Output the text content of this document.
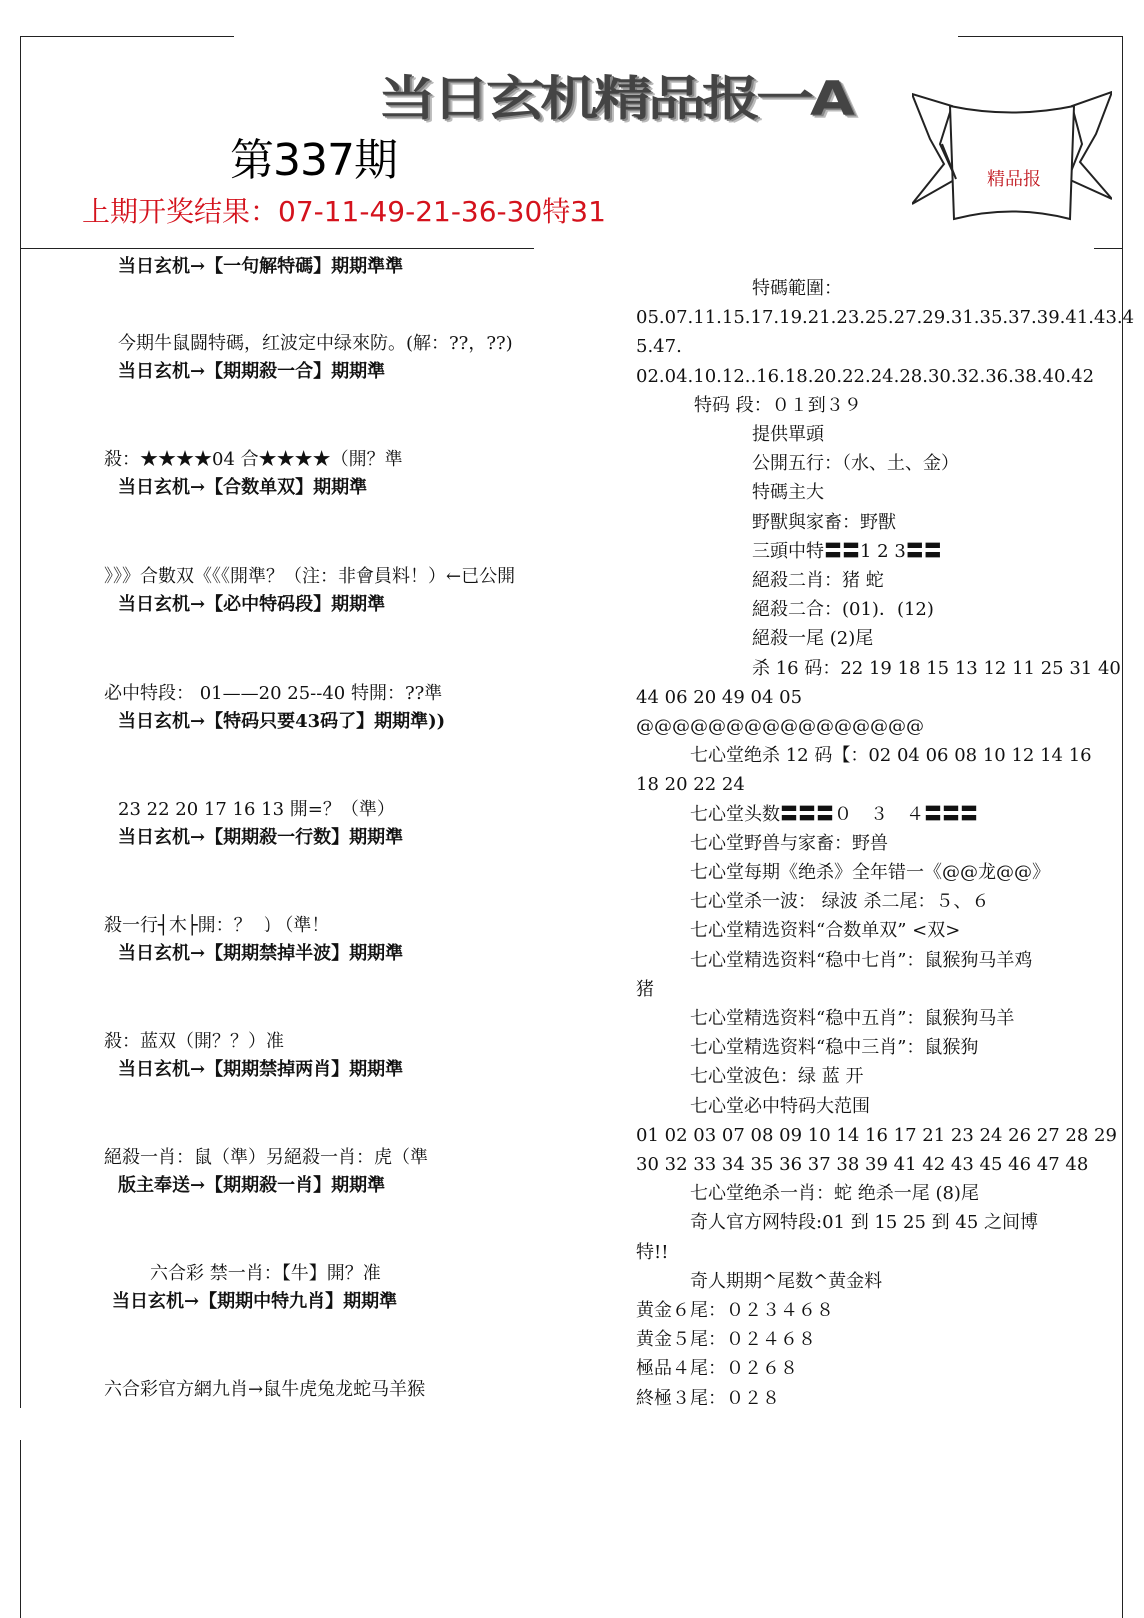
当日玄机精品报一A
精品报
第337期
上期开奖结果：07-11-49-21-36-30特31
当日玄机→【一句解特碼】期期準準
今期牛鼠闘特碼，红波定中绿來防。(解：??，??)
当日玄机→【期期殺一合】期期準
殺：★★★★04 合★★★★（開？準
当日玄机→【合数单双】期期準
》》》合數双《《《開準？（注：非會員料！）←已公開
当日玄机→【必中特码段】期期準
必中特段： 01——20 25--40 特開：??準
当日玄机→【特码只要43码了】期期準))
23 22 20 17 16 13 開=？（準）
当日玄机→【期期殺一行数】期期準
殺一行┤木├開：？ ㇁（準！
当日玄机→【期期禁掉半波】期期準
殺：蓝双（開？？）准
当日玄机→【期期禁掉两肖】期期準
絕殺一肖：鼠（準）另絕殺一肖：虎（準
版主奉送→【期期殺一肖】期期準
六合彩 禁一肖：【牛】開？准
当日玄机→【期期中特九肖】期期準
六合彩官方網九肖→鼠牛虎兔龙蛇马羊猴
特碼範圍：
05.07.11.15.17.19.21.23.25.27.29.31.35.37.39.41.43.4
5.47.
02.04.10.12..16.18.20.22.24.28.30.32.36.38.40.42
特码 段：０１到３９
提供單頭
公開五行：（水、土、金）
特碼主大
野獸與家畜：野獸
三頭中特〓〓1 2 3〓〓
絕殺二肖：猪 蛇
絕殺二合：(01)．(12)
絕殺一尾 (2)尾
杀 16 码：22 19 18 15 13 12 11 25 31 40
44 06 20 49 04 05
@@@@@@@@@@@@@@@@
七心堂绝杀 12 码【：02 04 06 08 10 12 14 16
18 20 22 24
七心堂头数〓〓〓０　３　４〓〓〓
七心堂野兽与家畜：野兽
七心堂每期《绝杀》全年错一《@@龙@@》
七心堂杀一波： 绿波 杀二尾：５、６
七心堂精选资料“合数单双” <双>
七心堂精选资料“稳中七肖”：鼠猴狗马羊鸡
猪
七心堂精选资料“稳中五肖”：鼠猴狗马羊
七心堂精选资料“稳中三肖”：鼠猴狗
七心堂波色：绿 蓝 开
七心堂必中特码大范围
01 02 03 07 08 09 10 14 16 17 21 23 24 26 27 28 29
30 32 33 34 35 36 37 38 39 41 42 43 45 46 47 48
七心堂绝杀一肖：蛇 绝杀一尾 (8)尾
奇人官方网特段:01 到 15 25 到 45 之间博
特!!
奇人期期^尾数^黄金料
黄金６尾：０２３４６８
黄金５尾：０２４６８
極品４尾：０２６８
終極３尾：０２８
